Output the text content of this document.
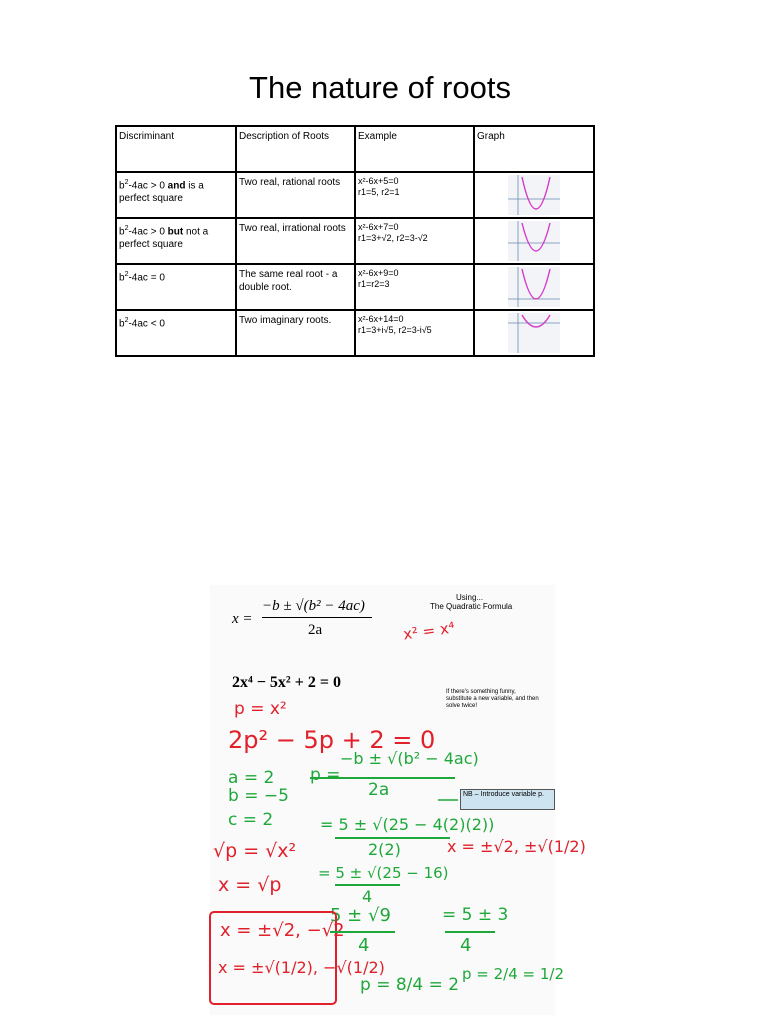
The nature of roots
Discriminant	Description of Roots	Example	Graph
$b^2-4ac > 0$ and is a perfect square	Two real, rational roots	x²-6x+5=0
r1=5, r2=1

$b^2-4ac > 0$ but not a perfect square	Two real, irrational roots	x²-6x+7=0
r1=3+√2, r2=3-√2

$b^2-4ac = 0$	The same real root - a double root.	x²-6x+9=0
r1=r2=3

$b^2-4ac < 0$	Two imaginary roots.	x²-6x+14=0
r1=3+i√5, r2=3-i√5

x =
−b ± √(b² − 4ac)
2a
Using...
The Quadratic Formula
2x⁴ − 5x² + 2 = 0
If there's something funny, substitute a new variable, and then solve twice!
NB – Introduce variable p.
x² = x⁴
p = x²
2p² − 5p + 2 = 0
a = 2
b = −5
c = 2
p =
−b ± √(b² − 4ac)
2a
= 5 ± √(25 − 4(2)(2))
2(2)
= 5 ± √(25 − 16)
4
5 ± √9
4
= 5 ± 3
4
p = 8/4 = 2
p = 2/4 = 1/2
x = ±√2, ±√(1/2)
√p = √x²
x = √p
x = ±√2, −√2
x = ±√(1/2), −√(1/2)
